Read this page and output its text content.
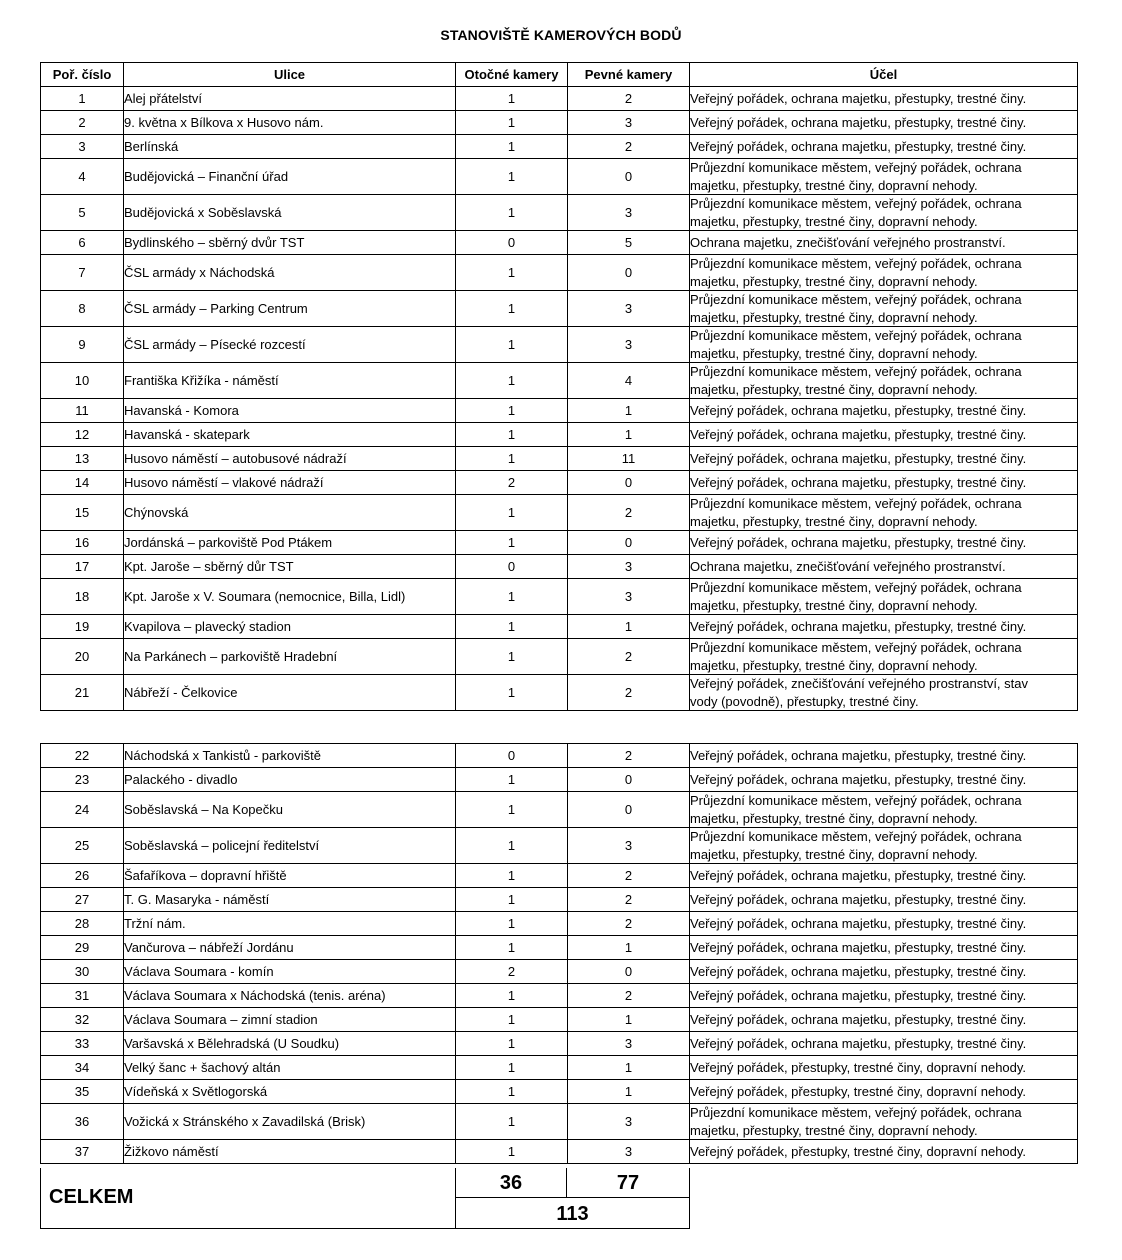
STANOVIŠTĚ KAMEROVÝCH BODŮ
Poř. číslo	Ulice	Otočné kamery	Pevné kamery	Účel
1	Alej přátelství	1	2	Veřejný pořádek, ochrana majetku, přestupky, trestné činy.

2	9. května x Bílkova x Husovo nám.	1	3	Veřejný pořádek, ochrana majetku, přestupky, trestné činy.

3	Berlínská	1	2	Veřejný pořádek, ochrana majetku, přestupky, trestné činy.

4	Budějovická – Finanční úřad	1	0	Průjezdní komunikace městem, veřejný pořádek, ochrana
majetku, přestupky, trestné činy, dopravní nehody.

5	Budějovická x Soběslavská	1	3	Průjezdní komunikace městem, veřejný pořádek, ochrana
majetku, přestupky, trestné činy, dopravní nehody.

6	Bydlinského – sběrný dvůr TST	0	5	Ochrana majetku, znečišťování veřejného prostranství.

7	ČSL armády x Náchodská	1	0	Průjezdní komunikace městem, veřejný pořádek, ochrana
majetku, přestupky, trestné činy, dopravní nehody.

8	ČSL armády – Parking Centrum	1	3	Průjezdní komunikace městem, veřejný pořádek, ochrana
majetku, přestupky, trestné činy, dopravní nehody.

9	ČSL armády – Písecké rozcestí	1	3	Průjezdní komunikace městem, veřejný pořádek, ochrana
majetku, přestupky, trestné činy, dopravní nehody.

10	Františka Křižíka - náměstí	1	4	Průjezdní komunikace městem, veřejný pořádek, ochrana
majetku, přestupky, trestné činy, dopravní nehody.

11	Havanská - Komora	1	1	Veřejný pořádek, ochrana majetku, přestupky, trestné činy.

12	Havanská - skatepark	1	1	Veřejný pořádek, ochrana majetku, přestupky, trestné činy.

13	Husovo náměstí – autobusové nádraží	1	11	Veřejný pořádek, ochrana majetku, přestupky, trestné činy.

14	Husovo náměstí – vlakové nádraží	2	0	Veřejný pořádek, ochrana majetku, přestupky, trestné činy.

15	Chýnovská	1	2	Průjezdní komunikace městem, veřejný pořádek, ochrana
majetku, přestupky, trestné činy, dopravní nehody.

16	Jordánská – parkoviště Pod Ptákem	1	0	Veřejný pořádek, ochrana majetku, přestupky, trestné činy.

17	Kpt. Jaroše – sběrný důr TST	0	3	Ochrana majetku, znečišťování veřejného prostranství.

18	Kpt. Jaroše x V. Soumara (nemocnice, Billa, Lidl)	1	3	Průjezdní komunikace městem, veřejný pořádek, ochrana
majetku, přestupky, trestné činy, dopravní nehody.

19	Kvapilova – plavecký stadion	1	1	Veřejný pořádek, ochrana majetku, přestupky, trestné činy.

20	Na Parkánech – parkoviště Hradební	1	2	Průjezdní komunikace městem, veřejný pořádek, ochrana
majetku, přestupky, trestné činy, dopravní nehody.

21	Nábřeží - Čelkovice	1	2	Veřejný pořádek, znečišťování veřejného prostranství, stav
vody (povodně), přestupky, trestné činy.
22	Náchodská x Tankistů - parkoviště	0	2	Veřejný pořádek, ochrana majetku, přestupky, trestné činy.

23	Palackého - divadlo	1	0	Veřejný pořádek, ochrana majetku, přestupky, trestné činy.

24	Soběslavská – Na Kopečku	1	0	Průjezdní komunikace městem, veřejný pořádek, ochrana
majetku, přestupky, trestné činy, dopravní nehody.

25	Soběslavská – policejní ředitelství	1	3	Průjezdní komunikace městem, veřejný pořádek, ochrana
majetku, přestupky, trestné činy, dopravní nehody.

26	Šafaříkova – dopravní hřiště	1	2	Veřejný pořádek, ochrana majetku, přestupky, trestné činy.

27	T. G. Masaryka - náměstí	1	2	Veřejný pořádek, ochrana majetku, přestupky, trestné činy.

28	Tržní nám.	1	2	Veřejný pořádek, ochrana majetku, přestupky, trestné činy.

29	Vančurova – nábřeží Jordánu	1	1	Veřejný pořádek, ochrana majetku, přestupky, trestné činy.

30	Václava Soumara - komín	2	0	Veřejný pořádek, ochrana majetku, přestupky, trestné činy.

31	Václava Soumara x Náchodská (tenis. aréna)	1	2	Veřejný pořádek, ochrana majetku, přestupky, trestné činy.

32	Václava Soumara – zimní stadion	1	1	Veřejný pořádek, ochrana majetku, přestupky, trestné činy.

33	Varšavská x Bělehradská (U Soudku)	1	3	Veřejný pořádek, ochrana majetku, přestupky, trestné činy.

34	Velký šanc + šachový altán	1	1	Veřejný pořádek, přestupky, trestné činy, dopravní nehody.

35	Vídeňská x Světlogorská	1	1	Veřejný pořádek, přestupky, trestné činy, dopravní nehody.

36	Vožická x Stránského x Zavadilská (Brisk)	1	3	Průjezdní komunikace městem, veřejný pořádek, ochrana
majetku, přestupky, trestné činy, dopravní nehody.

37	Žižkovo náměstí	1	3	Veřejný pořádek, přestupky, trestné činy, dopravní nehody.
CELKEM
36	77
113
